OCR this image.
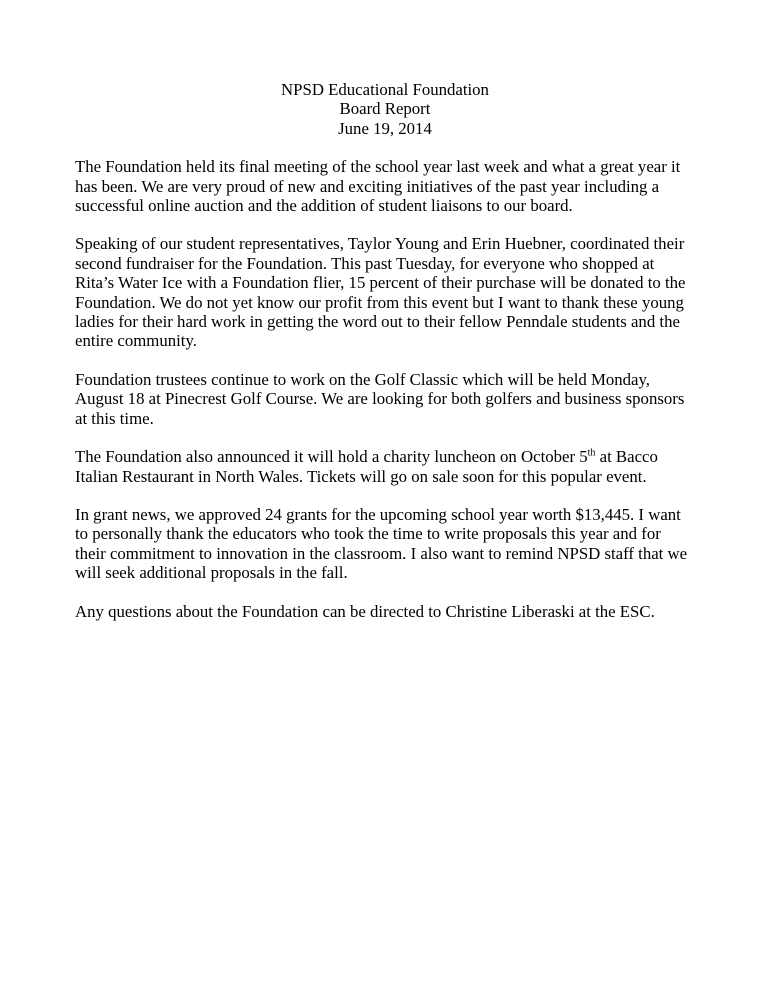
NPSD Educational Foundation
Board Report
June 19, 2014

The Foundation held its final meeting of the school year last week and what a great year it has been. We are very proud of new and exciting initiatives of the past year including a successful online auction and the addition of student liaisons to our board.

Speaking of our student representatives, Taylor Young and Erin Huebner, coordinated their second fundraiser for the Foundation. This past Tuesday, for everyone who shopped at Rita’s Water Ice with a Foundation flier, 15 percent of their purchase will be donated to the Foundation. We do not yet know our profit from this event but I want to thank these young ladies for their hard work in getting the word out to their fellow Penndale students and the entire community.

Foundation trustees continue to work on the Golf Classic which will be held Monday, August 18 at Pinecrest Golf Course. We are looking for both golfers and business sponsors at this time.

The Foundation also announced it will hold a charity luncheon on October 5th at Bacco Italian Restaurant in North Wales. Tickets will go on sale soon for this popular event.

In grant news, we approved 24 grants for the upcoming school year worth $13,445. I want to personally thank the educators who took the time to write proposals this year and for their commitment to innovation in the classroom. I also want to remind NPSD staff that we will seek additional proposals in the fall.

Any questions about the Foundation can be directed to Christine Liberaski at the ESC.
